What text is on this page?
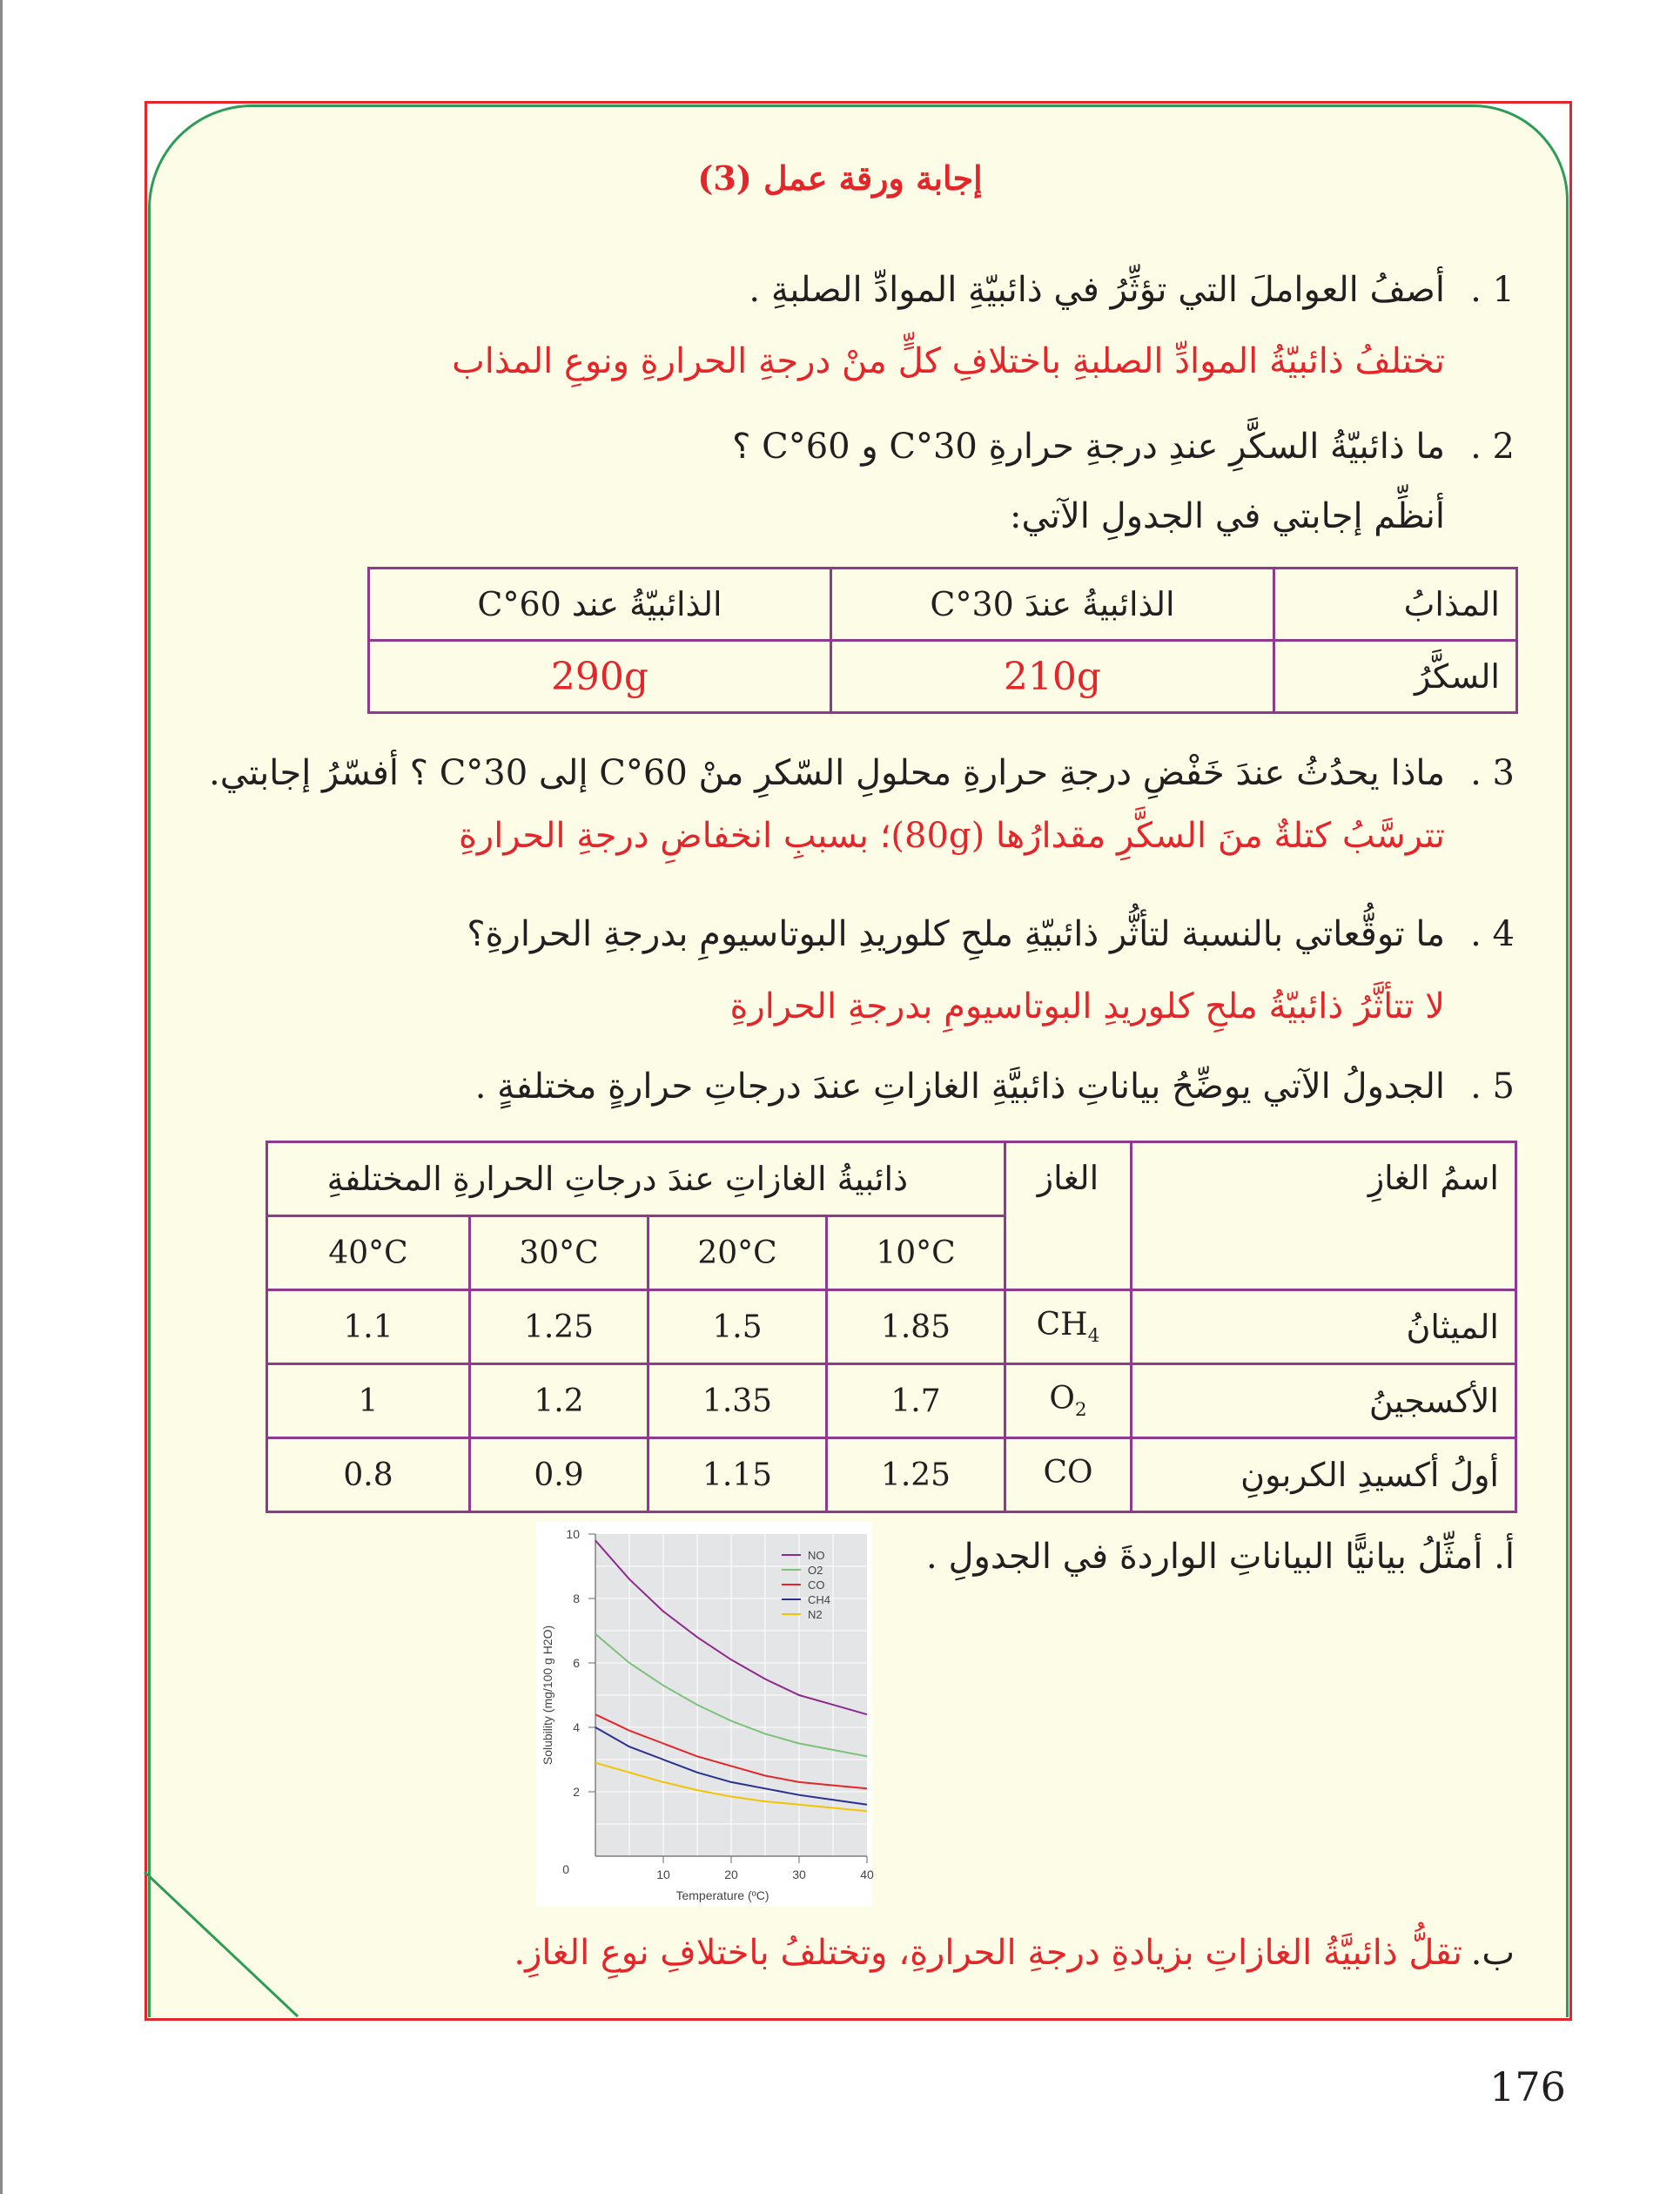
إجابة ورقة عمل (3)
1 .
أصفُ العواملَ التي تؤثِّرُ في ذائبيّةِ الموادِّ الصلبةِ .
تختلفُ ذائبيّةُ الموادِّ الصلبةِ باختلافِ كلٍّ منْ درجةِ الحرارةِ ونوعِ المذاب
2 .
ما ذائبيّةُ السكَّرِ عندِ درجةِ حرارةِ 30°C و 60°C ؟
أنظِّم إجابتي في الجدولِ الآتي:
المذابُ	الذائبيةُ عندَ 30°C	الذائبيّةُ عند 60°C
السكَّرُ	210g	290g
3 .
ماذا يحدُثُ عندَ خَفْضِ درجةِ حرارةِ محلولِ السّكرِ منْ 60°C إلى 30°C ؟ أفسّرُ إجابتي.
تترسَّبُ كتلةٌ منَ السكَّرِ مقدارُها (80g)؛ بسببِ انخفاضِ درجةِ الحرارةِ
4 .
ما توقُّعاتي بالنسبة لتأثُّر ذائبيّةِ ملحِ كلوريدِ البوتاسيومِ بدرجةِ الحرارةِ؟
لا تتأثَّرُ ذائبيّةُ ملحِ كلوريدِ البوتاسيومِ بدرجةِ الحرارةِ
5 .
الجدولُ الآتي يوضِّحُ بياناتِ ذائبيَّةِ الغازاتِ عندَ درجاتِ حرارةٍ مختلفةٍ .
اسمُ الغازِ	الغاز	ذائبيةُ الغازاتِ عندَ درجاتِ الحرارةِ المختلفةِ			
		10°C	20°C	30°C	40°C
الميثانُ	$CH_4$	1.85	1.5	1.25	1.1
الأكسجينُ	$O_2$	1.7	1.35	1.2	1
أولُ أكسيدِ الكربونِ	CO	1.25	1.15	0.9	0.8
أ. أمثِّلُ بيانيًّا البياناتِ الواردةَ في الجدولِ .
0
2
4
6
8
10
10	20	30	40
Temperature (ºC)
Solubility (mg/100 g H2O)
NO
O2
CO
CH4
N2
ب.
تقلُّ ذائبيَّةُ الغازاتِ بزيادةِ درجةِ الحرارةِ، وتختلفُ باختلافِ نوعِ الغازِ.
176
